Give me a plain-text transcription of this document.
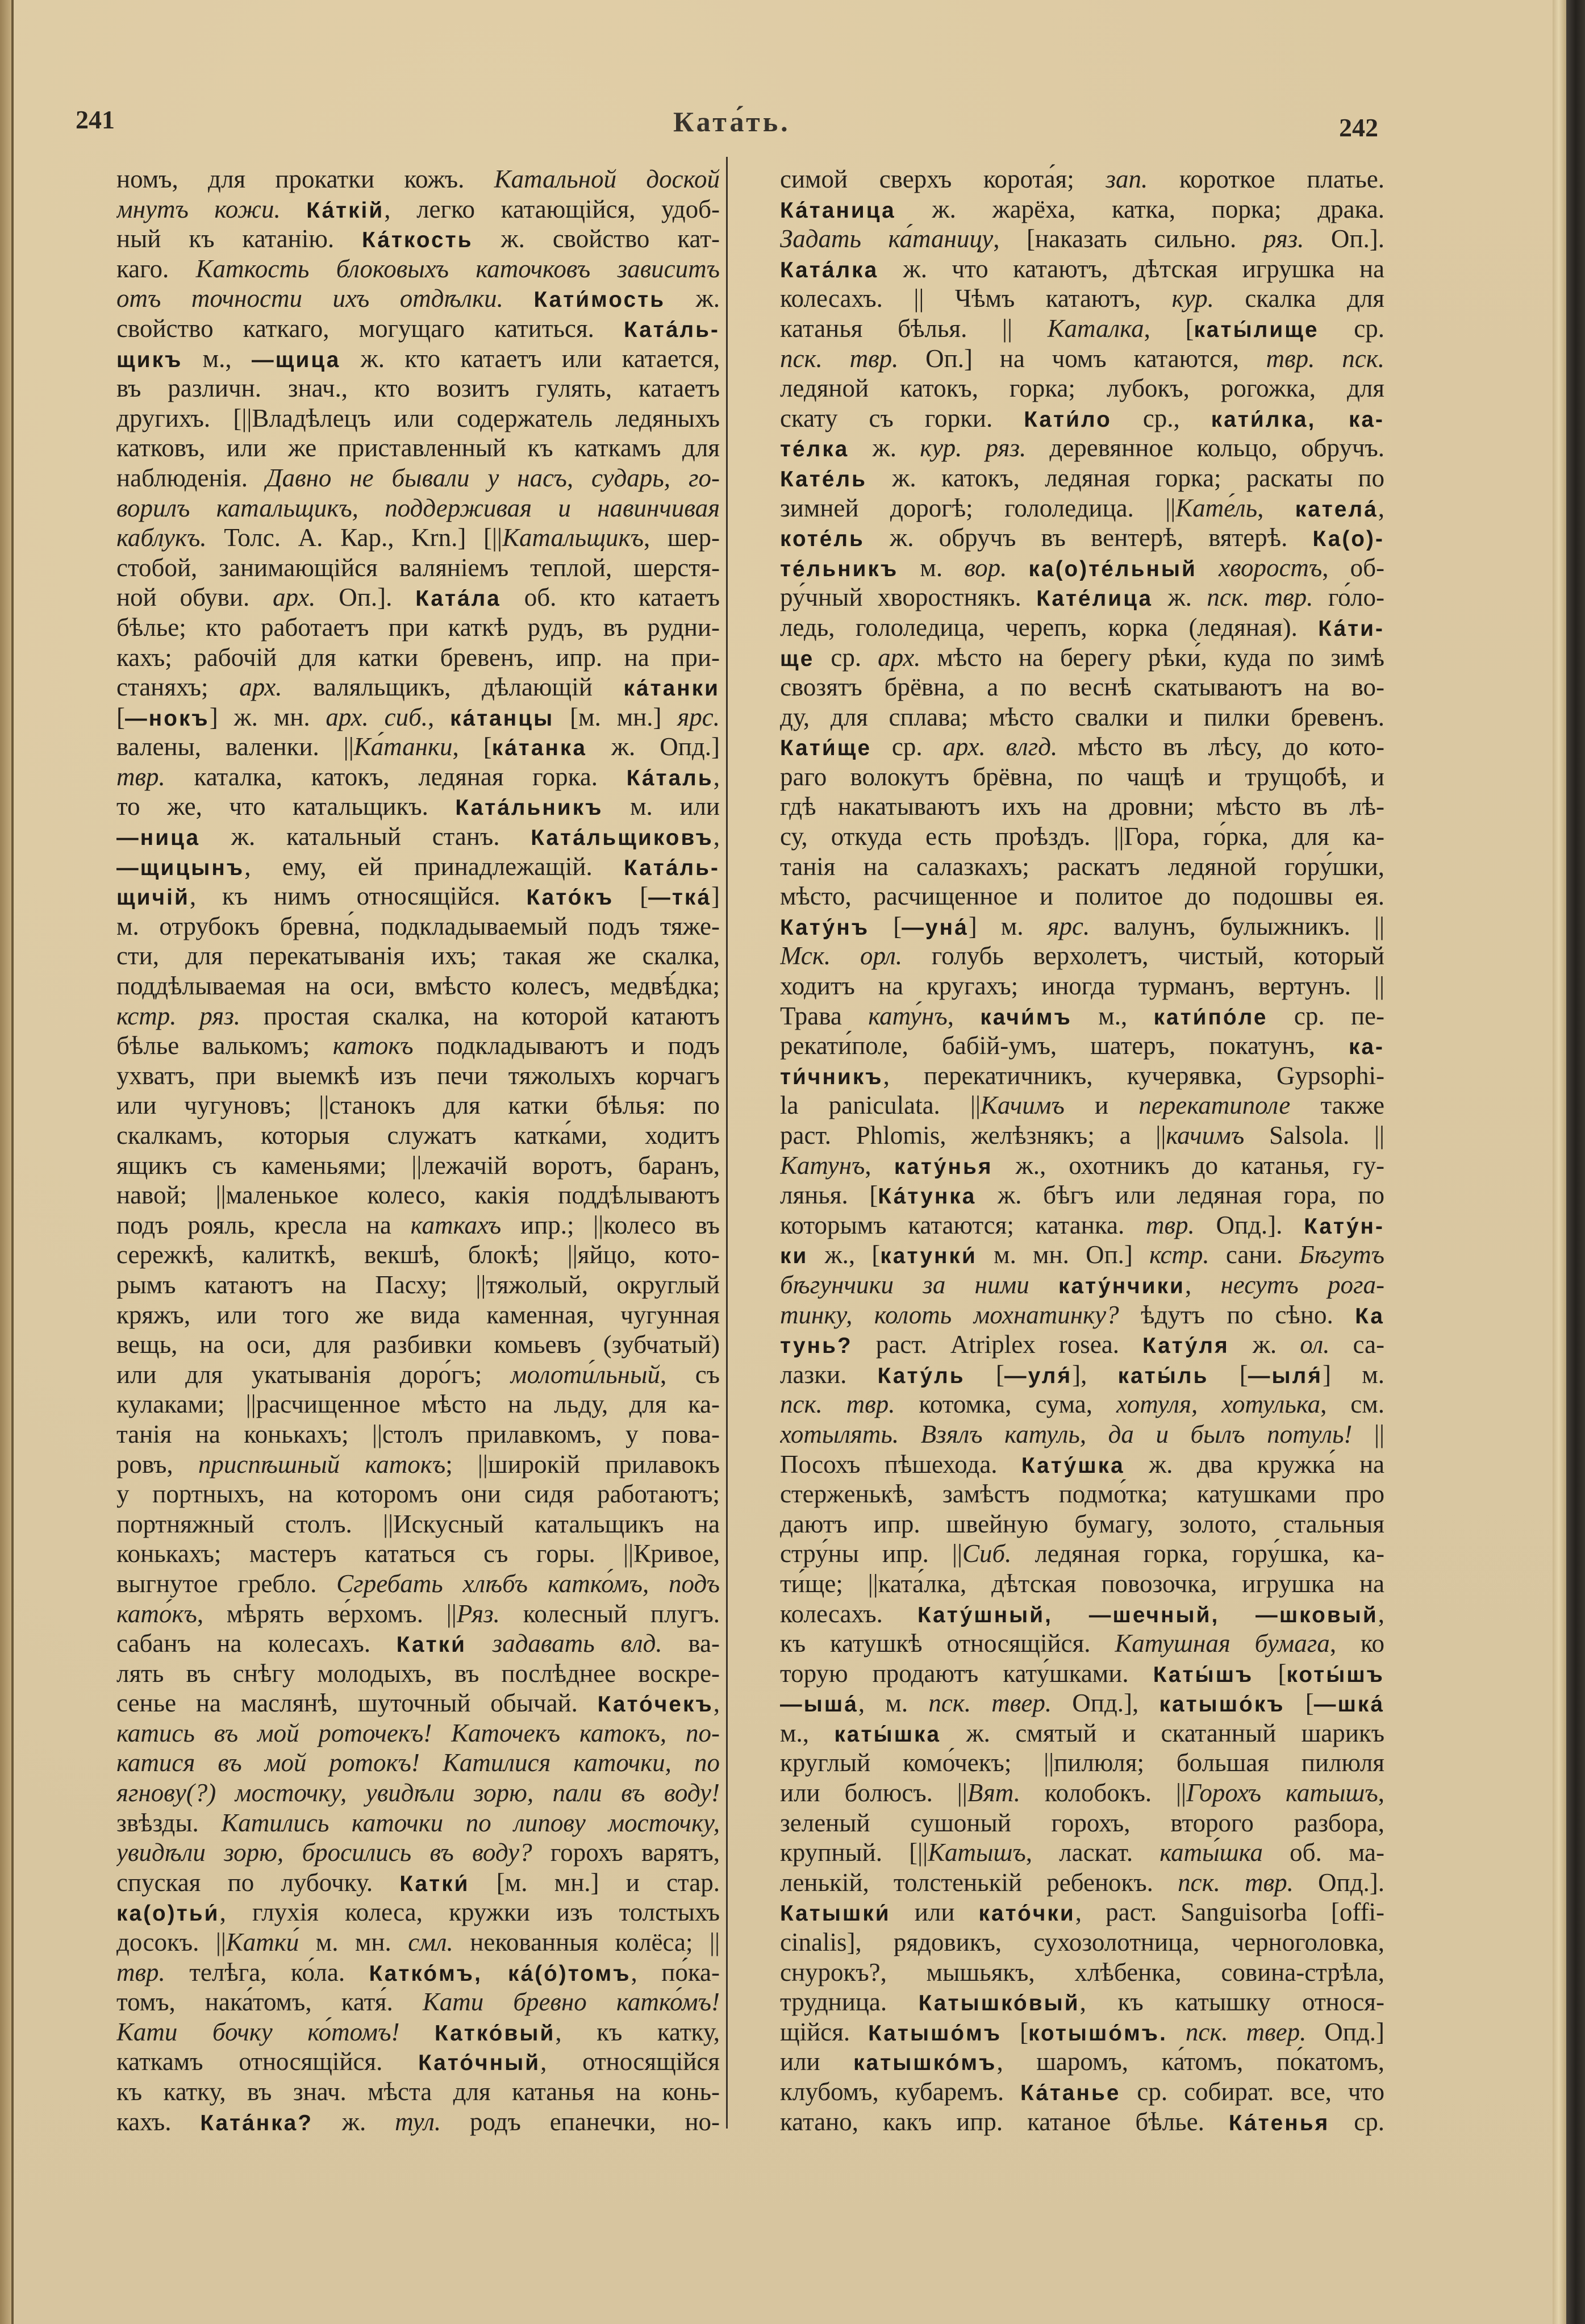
241	Ката́ть.	242
номъ, для прокатки кожъ. Катальной доской
мнутъ кожи. Ка́ткій, легко катающійся, удоб-
ный къ катанію. Ка́ткость ж. свойство кат-
каго. Каткость блоковыхъ каточковъ зависитъ
отъ точности ихъ отдѣлки. Кати́мость ж.
свойство каткаго, могущаго катиться. Ката́ль-
щикъ м., —щица ж. кто катаетъ или катается,
въ различн. знач., кто возитъ гулять, катаетъ
другихъ. [||Владѣлецъ или содержатель ледяныхъ
катковъ, или же приставленный къ каткамъ для
наблюденія. Давно не бывали у насъ, сударь, го-
ворилъ катальщикъ, поддерживая и навинчивая
каблукъ. Толс. А. Кар., Krn.] [||Катальщикъ, шер-
стобой, занимающійся валяніемъ теплой, шерстя-
ной обуви. арх. Оп.]. Ката́ла об. кто катаетъ
бѣлье; кто работаетъ при каткѣ рудъ, въ рудни-
кахъ; рабочій для катки бревенъ, ипр. на при-
станяхъ; арх. валяльщикъ, дѣлающій ка́танки
[—нокъ] ж. мн. арх. сиб., ка́танцы [м. мн.] ярс.
валены, валенки. ||Ка́танки, [ка́танка ж. Опд.]
твр. каталка, катокъ, ледяная горка. Ка́таль,
то же, что катальщикъ. Ката́льникъ м. или
—ница ж. катальный станъ. Ката́льщиковъ,
—щицынъ, ему, ей принадлежащій. Ката́ль-
щичій, къ нимъ относящійся. Като́къ [—тка́]
м. отрубокъ бревна́, подкладываемый подъ тяже-
сти, для перекатыванія ихъ; такая же скалка,
поддѣлываемая на оси, вмѣсто колесъ, медвѣ́дка;
кстр. ряз. простая скалка, на которой катаютъ
бѣлье валькомъ; катокъ подкладываютъ и подъ
ухватъ, при выемкѣ изъ печи тяжолыхъ корчагъ
или чугуновъ; ||станокъ для катки бѣлья: по
скалкамъ, которыя служатъ катка́ми, ходитъ
ящикъ съ каменьями; ||лежачій воротъ, баранъ,
навой; ||маленькое колесо, какія поддѣлываютъ
подъ рояль, кресла на каткахъ ипр.; ||колесо въ
сережкѣ, калиткѣ, векшѣ, блокѣ; ||яйцо, кото-
рымъ катаютъ на Пасху; ||тяжолый, округлый
кряжъ, или того же вида каменная, чугунная
вещь, на оси, для разбивки комьевъ (зубчатый)
или для укатыванія доро́гъ; молоти́льный, съ
кулаками; ||расчищенное мѣсто на льду, для ка-
танія на конькахъ; ||столъ прилавкомъ, у пова-
ровъ, приспѣшный катокъ; ||широкій прилавокъ
у портныхъ, на которомъ они сидя работаютъ;
портняжный столъ. ||Искусный катальщикъ на
конькахъ; мастеръ кататься съ горы. ||Кривое,
выгнутое гребло. Сгребать хлѣбъ катко́мъ, подъ
като́къ, мѣрять ве́рхомъ. ||Ряз. колесный плугъ.
сабанъ на колесахъ. Катки́ задавать влд. ва-
лять въ снѣгу молодыхъ, въ послѣднее воскре-
сенье на маслянѣ, шуточный обычай. Като́чекъ,
катись въ мой роточекъ! Каточекъ катокъ, по-
катися въ мой ротокъ! Катилися каточки, по
ягнову(?) мосточку, увидѣли зорю, пали въ воду!
звѣзды. Катились каточки по липову мосточку,
увидѣли зорю, бросились въ воду? горохъ варятъ,
спуская по лубочку. Катки́ [м. мн.] и стар.
ка(о)тьи́, глухія колеса, кружки изъ толстыхъ
досокъ. ||Катки́ м. мн. смл. некованныя колёса; ||
твр. телѣга, ко́ла. Катко́мъ, ка́(о́)томъ, по́ка-
томъ, нака́томъ, катя́. Кати бревно катко́мъ!
Кати бочку ко́томъ! Катко́вый, къ катку,
каткамъ относящійся. Като́чный, относящійся
къ катку, въ знач. мѣста для катанья на конь-
кахъ. Ката́нка? ж. тул. родъ епанечки, но-
симой сверхъ корота́я; зап. короткое платье.
Ка́таница ж. жарёха, катка, порка; драка.
Задать ка́таницу, [наказать сильно. ряз. Оп.].
Ката́лка ж. что катаютъ, дѣтская игрушка на
колесахъ. || Чѣмъ катаютъ, кур. скалка для
катанья бѣлья. || Каталка, [каты́лище ср.
пск. твр. Оп.] на чомъ катаются, твр. пск.
ледяной катокъ, горка; лубокъ, рогожка, для
скату съ горки. Кати́ло ср., кати́лка, ка-
те́лка ж. кур. ряз. деревянное кольцо, обручъ.
Кате́ль ж. катокъ, ледяная горка; раскаты по
зимней дорогѣ; гололедица. ||Кате́ль, катела́,
коте́ль ж. обручъ въ вентерѣ, вятерѣ. Ка(о)-
те́льникъ м. вор. ка(о)те́льный хворостъ, об-
ру́чный хворостнякъ. Кате́лица ж. пск. твр. го́ло-
ледь, гололедица, черепъ, корка (ледяная). Ка́ти-
ще ср. арх. мѣсто на берегу рѣки́, куда по зимѣ
свозятъ брёвна, а по веснѣ скатываютъ на во-
ду, для сплава; мѣсто свалки и пилки бревенъ.
Кати́ще ср. арх. влгд. мѣсто въ лѣсу, до кото-
раго волокутъ брёвна, по чащѣ и трущобѣ, и
гдѣ накатываютъ ихъ на дровни; мѣсто въ лѣ-
су, откуда есть проѣздъ. ||Гора, го́рка, для ка-
танія на салазкахъ; раскатъ ледяной гору́шки,
мѣсто, расчищенное и политое до подошвы ея.
Кату́нъ [—уна́] м. ярс. валунъ, булыжникъ. ||
Мск. орл. голубь верхолетъ, чистый, который
ходитъ на кругахъ; иногда турманъ, вертунъ. ||
Трава кату́нъ, качи́мъ м., кати́по́ле ср. пе-
рекати́поле, бабій-умъ, шатеръ, покатунъ, ка-
ти́чникъ, перекатичникъ, кучерявка, Gypsophi-
la paniculata. ||Качимъ и перекатиполе также
раст. Phlomis, желѣзнякъ; а ||качимъ Salsola. ||
Катунъ, кату́нья ж., охотникъ до катанья, гу-
лянья. [Ка́тунка ж. бѣгъ или ледяная гора, по
которымъ катаются; катанка. твр. Опд.]. Кату́н-
ки ж., [катунки́ м. мн. Оп.] кстр. сани. Бѣгутъ
бѣгунчики за ними кату́нчики, несутъ рога-
тинку, колоть мохнатинку? ѣдутъ по сѣно. Ка
тунь? раст. Atriplex rosea. Кату́ля ж. ол. са-
лазки. Кату́ль [—уля́], каты́ль [—ыля́] м.
пск. твр. котомка, сума, хотуля, хотулька, см.
хотылять. Взялъ катуль, да и былъ потуль! ||
Посохъ пѣшехода. Кату́шка ж. два кружка́ на
стерженькѣ, замѣстъ подмо́тка; катушками про
даютъ ипр. швейную бумагу, золото, стальныя
стру́ны ипр. ||Сиб. ледяная горка, гору́шка, ка-
ти́ще; ||ката́лка, дѣтская повозочка, игрушка на
колесахъ. Кату́шный, —шечный, —шковый,
къ катушкѣ относящійся. Катушная бумага, ко
торую продаютъ кату́шками. Каты́шъ [коты́шъ
—ыша́, м. пск. твер. Опд.], катышо́къ [—шка́
м., каты́шка ж. смятый и скатанный шарикъ
круглый комо́чекъ; ||пилюля; большая пилюля
или болюсъ. ||Вят. колобокъ. ||Горохъ катышъ,
зеленый сушоный горохъ, второго разбора,
крупный. [||Катышъ, ласкат. каты́шка об. ма-
ленькій, толстенькій ребенокъ. пск. твр. Опд.].
Катышки́ или като́чки, раст. Sanguisorba [offi-
cinalis], рядовикъ, сухозолотница, черноголовка,
снурокъ?, мышьякъ, хлѣбенка, совина-стрѣла,
трудница. Катышко́вый, къ катышку относя-
щійся. Катышо́мъ [котышо́мъ. пск. твер. Опд.]
или катышко́мъ, шаромъ, ка́томъ, по́катомъ,
клубомъ, кубаремъ. Ка́танье ср. собират. все, что
катано, какъ ипр. катаное бѣлье. Ка́тенья ср.
